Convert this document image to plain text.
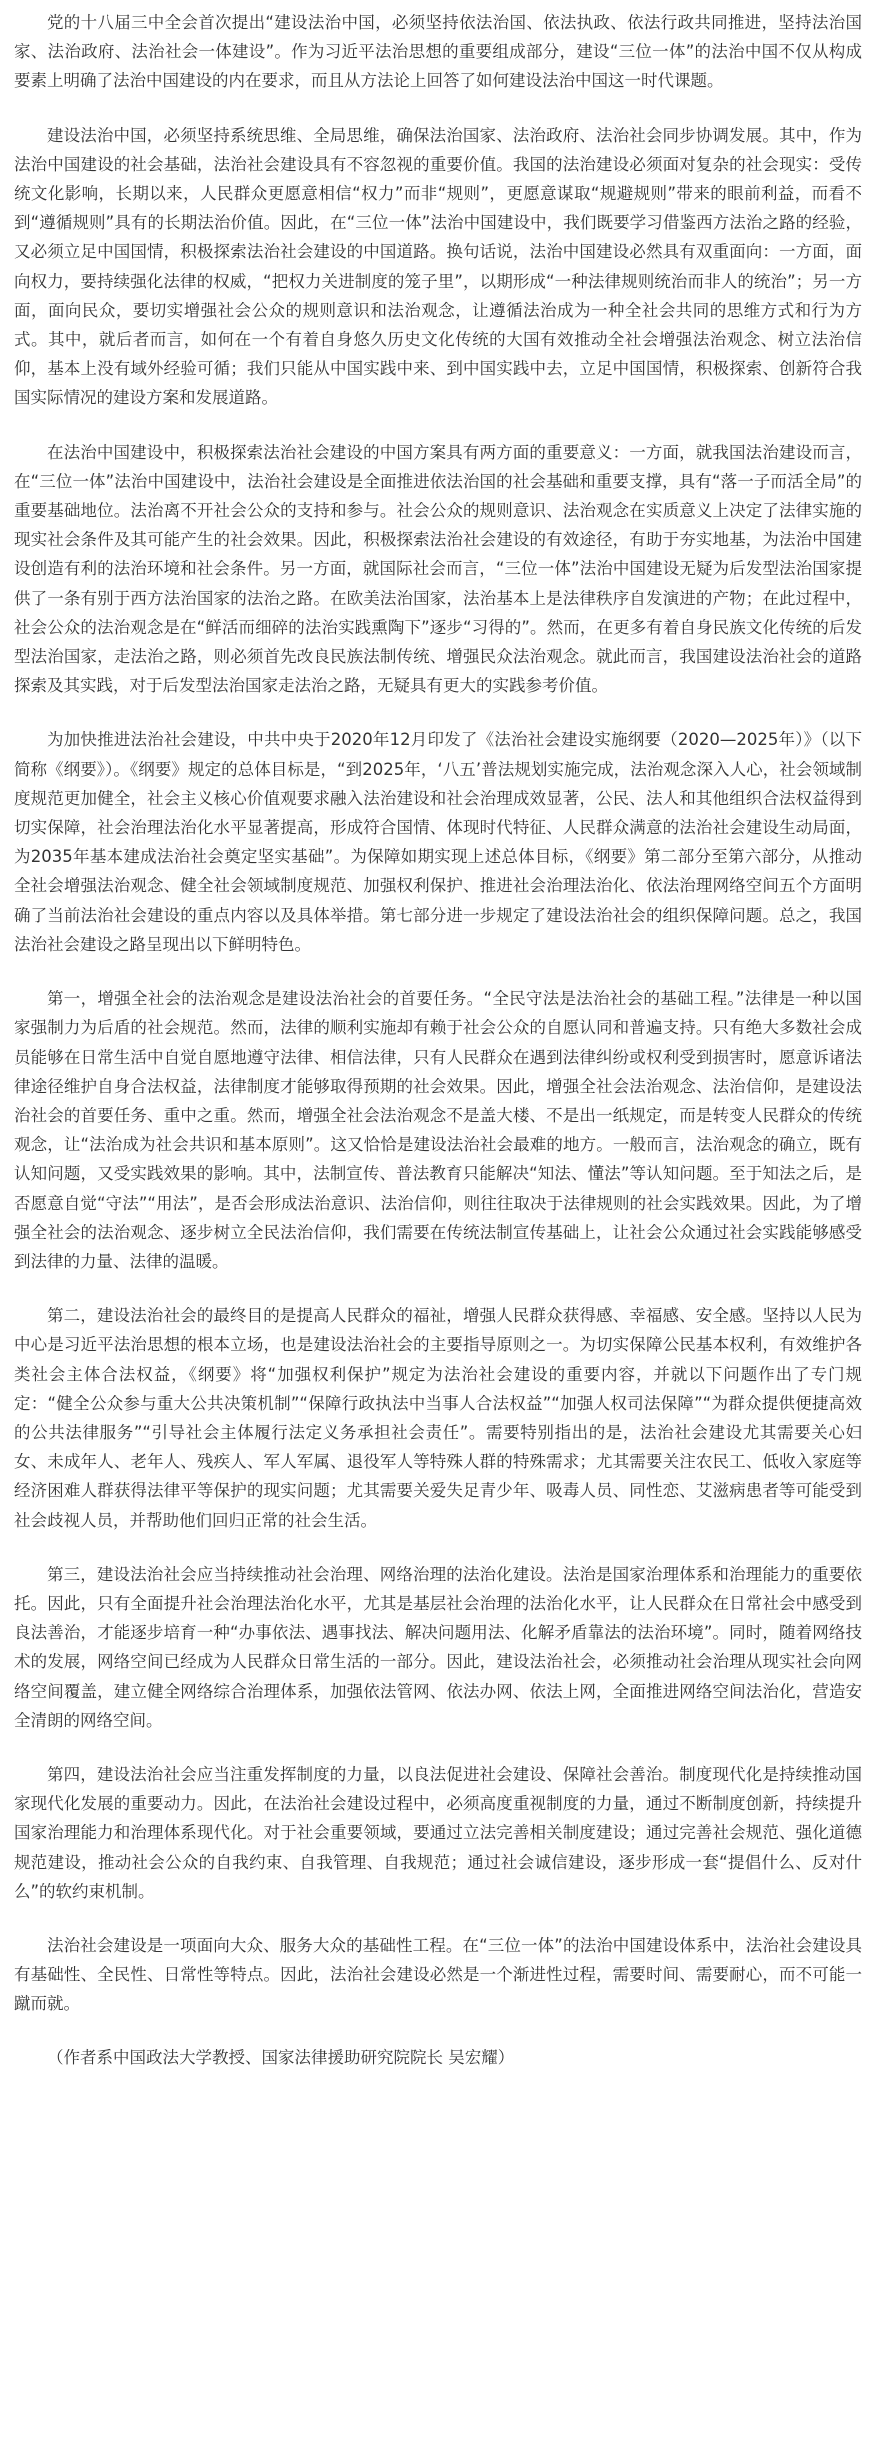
党的十八届三中全会首次提出“建设法治中国，必须坚持依法治国、依法执政、依法行政共同推进，坚持法治国家、法治政府、法治社会一体建设”。作为习近平法治思想的重要组成部分，建设“三位一体”的法治中国不仅从构成要素上明确了法治中国建设的内在要求，而且从方法论上回答了如何建设法治中国这一时代课题。

建设法治中国，必须坚持系统思维、全局思维，确保法治国家、法治政府、法治社会同步协调发展。其中，作为法治中国建设的社会基础，法治社会建设具有不容忽视的重要价值。我国的法治建设必须面对复杂的社会现实：受传统文化影响，长期以来，人民群众更愿意相信“权力”而非“规则”，更愿意谋取“规避规则”带来的眼前利益，而看不到“遵循规则”具有的长期法治价值。因此，在“三位一体”法治中国建设中，我们既要学习借鉴西方法治之路的经验，又必须立足中国国情，积极探索法治社会建设的中国道路。换句话说，法治中国建设必然具有双重面向：一方面，面向权力，要持续强化法律的权威，“把权力关进制度的笼子里”，以期形成“一种法律规则统治而非人的统治”；另一方面，面向民众，要切实增强社会公众的规则意识和法治观念，让遵循法治成为一种全社会共同的思维方式和行为方式。其中，就后者而言，如何在一个有着自身悠久历史文化传统的大国有效推动全社会增强法治观念、树立法治信仰，基本上没有域外经验可循；我们只能从中国实践中来、到中国实践中去，立足中国国情，积极探索、创新符合我国实际情况的建设方案和发展道路。

在法治中国建设中，积极探索法治社会建设的中国方案具有两方面的重要意义：一方面，就我国法治建设而言，在“三位一体”法治中国建设中，法治社会建设是全面推进依法治国的社会基础和重要支撑，具有“落一子而活全局”的重要基础地位。法治离不开社会公众的支持和参与。社会公众的规则意识、法治观念在实质意义上决定了法律实施的现实社会条件及其可能产生的社会效果。因此，积极探索法治社会建设的有效途径，有助于夯实地基，为法治中国建设创造有利的法治环境和社会条件。另一方面，就国际社会而言，“三位一体”法治中国建设无疑为后发型法治国家提供了一条有别于西方法治国家的法治之路。在欧美法治国家，法治基本上是法律秩序自发演进的产物；在此过程中，社会公众的法治观念是在“鲜活而细碎的法治实践熏陶下”逐步“习得的”。然而，在更多有着自身民族文化传统的后发型法治国家，走法治之路，则必须首先改良民族法制传统、增强民众法治观念。就此而言，我国建设法治社会的道路探索及其实践，对于后发型法治国家走法治之路，无疑具有更大的实践参考价值。

为加快推进法治社会建设，中共中央于2020年12月印发了《法治社会建设实施纲要（2020—2025年）》（以下简称《纲要》）。《纲要》规定的总体目标是，“到2025年，‘八五’普法规划实施完成，法治观念深入人心，社会领域制度规范更加健全，社会主义核心价值观要求融入法治建设和社会治理成效显著，公民、法人和其他组织合法权益得到切实保障，社会治理法治化水平显著提高，形成符合国情、体现时代特征、人民群众满意的法治社会建设生动局面，为2035年基本建成法治社会奠定坚实基础”。为保障如期实现上述总体目标，《纲要》第二部分至第六部分，从推动全社会增强法治观念、健全社会领域制度规范、加强权利保护、推进社会治理法治化、依法治理网络空间五个方面明确了当前法治社会建设的重点内容以及具体举措。第七部分进一步规定了建设法治社会的组织保障问题。总之，我国法治社会建设之路呈现出以下鲜明特色。

第一，增强全社会的法治观念是建设法治社会的首要任务。“全民守法是法治社会的基础工程。”法律是一种以国家强制力为后盾的社会规范。然而，法律的顺利实施却有赖于社会公众的自愿认同和普遍支持。只有绝大多数社会成员能够在日常生活中自觉自愿地遵守法律、相信法律，只有人民群众在遇到法律纠纷或权利受到损害时，愿意诉诸法律途径维护自身合法权益，法律制度才能够取得预期的社会效果。因此，增强全社会法治观念、法治信仰，是建设法治社会的首要任务、重中之重。然而，增强全社会法治观念不是盖大楼、不是出一纸规定，而是转变人民群众的传统观念，让“法治成为社会共识和基本原则”。这又恰恰是建设法治社会最难的地方。一般而言，法治观念的确立，既有认知问题，又受实践效果的影响。其中，法制宣传、普法教育只能解决“知法、懂法”等认知问题。至于知法之后，是否愿意自觉“守法”“用法”，是否会形成法治意识、法治信仰，则往往取决于法律规则的社会实践效果。因此，为了增强全社会的法治观念、逐步树立全民法治信仰，我们需要在传统法制宣传基础上，让社会公众通过社会实践能够感受到法律的力量、法律的温暖。

第二，建设法治社会的最终目的是提高人民群众的福祉，增强人民群众获得感、幸福感、安全感。坚持以人民为中心是习近平法治思想的根本立场，也是建设法治社会的主要指导原则之一。为切实保障公民基本权利，有效维护各类社会主体合法权益，《纲要》将“加强权利保护”规定为法治社会建设的重要内容，并就以下问题作出了专门规定：“健全公众参与重大公共决策机制”“保障行政执法中当事人合法权益”“加强人权司法保障”“为群众提供便捷高效的公共法律服务”“引导社会主体履行法定义务承担社会责任”。需要特别指出的是，法治社会建设尤其需要关心妇女、未成年人、老年人、残疾人、军人军属、退役军人等特殊人群的特殊需求；尤其需要关注农民工、低收入家庭等经济困难人群获得法律平等保护的现实问题；尤其需要关爱失足青少年、吸毒人员、同性恋、艾滋病患者等可能受到社会歧视人员，并帮助他们回归正常的社会生活。

第三，建设法治社会应当持续推动社会治理、网络治理的法治化建设。法治是国家治理体系和治理能力的重要依托。因此，只有全面提升社会治理法治化水平，尤其是基层社会治理的法治化水平，让人民群众在日常社会中感受到良法善治，才能逐步培育一种“办事依法、遇事找法、解决问题用法、化解矛盾靠法的法治环境”。同时，随着网络技术的发展，网络空间已经成为人民群众日常生活的一部分。因此，建设法治社会，必须推动社会治理从现实社会向网络空间覆盖，建立健全网络综合治理体系，加强依法管网、依法办网、依法上网，全面推进网络空间法治化，营造安全清朗的网络空间。

第四，建设法治社会应当注重发挥制度的力量，以良法促进社会建设、保障社会善治。制度现代化是持续推动国家现代化发展的重要动力。因此，在法治社会建设过程中，必须高度重视制度的力量，通过不断制度创新，持续提升国家治理能力和治理体系现代化。对于社会重要领域，要通过立法完善相关制度建设；通过完善社会规范、强化道德规范建设，推动社会公众的自我约束、自我管理、自我规范；通过社会诚信建设，逐步形成一套“提倡什么、反对什么”的软约束机制。

法治社会建设是一项面向大众、服务大众的基础性工程。在“三位一体”的法治中国建设体系中，法治社会建设具有基础性、全民性、日常性等特点。因此，法治社会建设必然是一个渐进性过程，需要时间、需要耐心，而不可能一蹴而就。

（作者系中国政法大学教授、国家法律援助研究院院长 吴宏耀）
